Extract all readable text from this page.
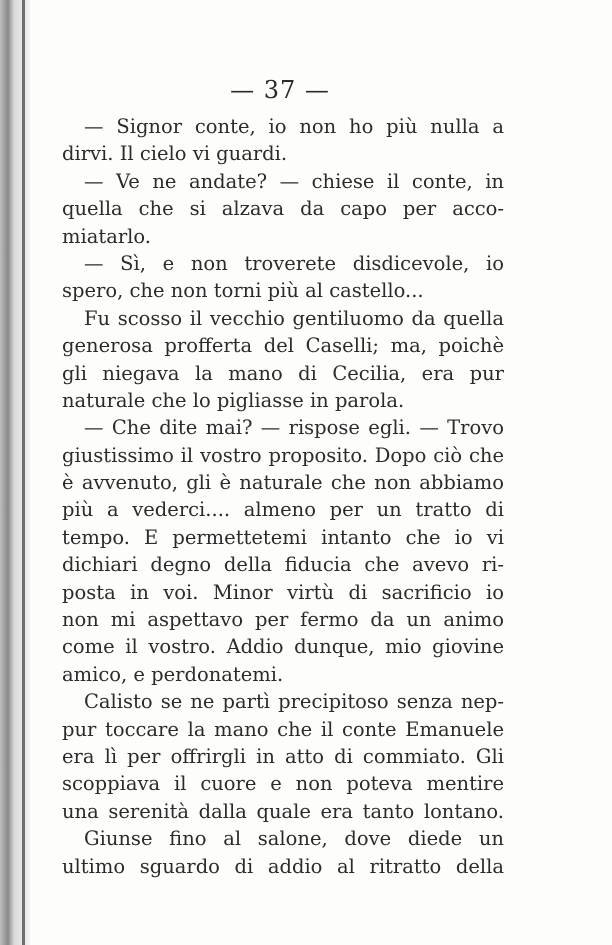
— 37 —
— Signor conte, io non ho più nulla a
dirvi. Il cielo vi guardi.
— Ve ne andate? — chiese il conte, in
quella che si alzava da capo per acco-
miatarlo.
— Sì, e non troverete disdicevole, io
spero, che non torni più al castello...
Fu scosso il vecchio gentiluomo da quella
generosa profferta del Caselli; ma, poichè
gli niegava la mano di Cecilia, era pur
naturale che lo pigliasse in parola.
— Che dite mai? — rispose egli. — Trovo
giustissimo il vostro proposito. Dopo ciò che
è avvenuto, gli è naturale che non abbiamo
più a vederci.... almeno per un tratto di
tempo. E permettetemi intanto che io vi
dichiari degno della fiducia che avevo ri-
posta in voi. Minor virtù di sacrificio io
non mi aspettavo per fermo da un animo
come il vostro. Addio dunque, mio giovine
amico, e perdonatemi.
Calisto se ne partì precipitoso senza nep-
pur toccare la mano che il conte Emanuele
era lì per offrirgli in atto di commiato. Gli
scoppiava il cuore e non poteva mentire
una serenità dalla quale era tanto lontano.
Giunse fino al salone, dove diede un
ultimo sguardo di addio al ritratto della
